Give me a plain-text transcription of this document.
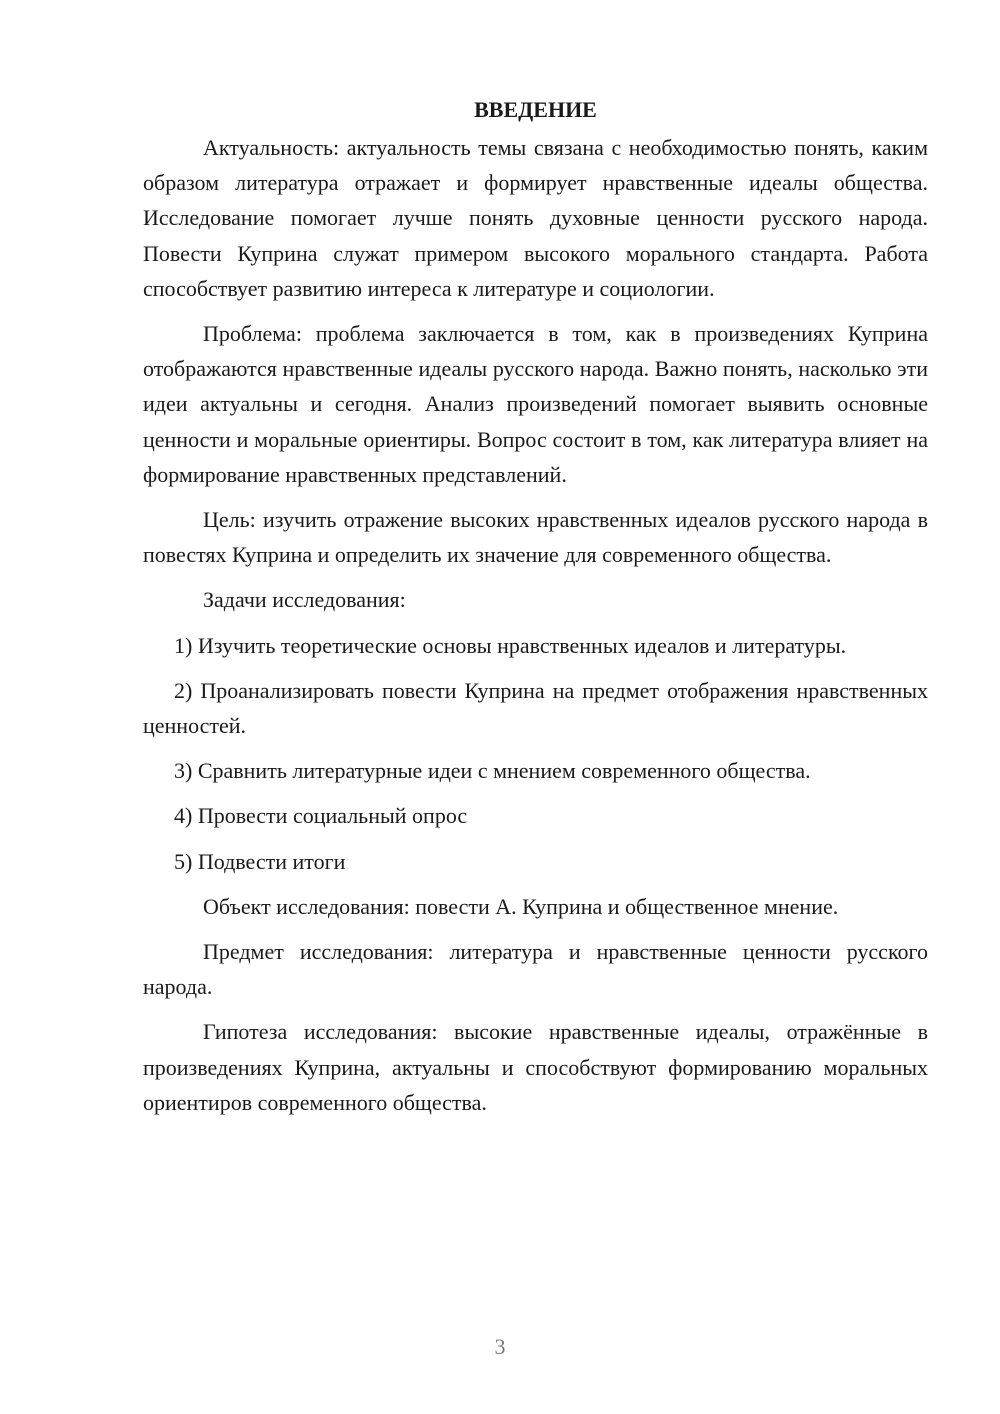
ВВЕДЕНИЕ

Актуальность: актуальность темы связана с необходимостью понять, каким образом литература отражает и формирует нравственные идеалы общества. Исследование помогает лучше понять духовные ценности русского народа. Повести Куприна служат примером высокого морального стандарта. Работа способствует развитию интереса к литературе и социологии.

Проблема: проблема заключается в том, как в произведениях Куприна отображаются нравственные идеалы русского народа. Важно понять, насколько эти идеи актуальны и сегодня. Анализ произведений помогает выявить основные ценности и моральные ориентиры. Вопрос состоит в том, как литература влияет на формирование нравственных представлений.

Цель: изучить отражение высоких нравственных идеалов русского народа в повестях Куприна и определить их значение для современного общества.

Задачи исследования:

1) Изучить теоретические основы нравственных идеалов и литературы.

2) Проанализировать повести Куприна на предмет отображения нравственных ценностей.

3) Сравнить литературные идеи с мнением современного общества.

4) Провести социальный опрос

5) Подвести итоги

Объект исследования: повести А. Куприна и общественное мнение.

Предмет исследования: литература и нравственные ценности русского народа.

Гипотеза исследования: высокие нравственные идеалы, отражённые в произведениях Куприна, актуальны и способствуют формированию моральных ориентиров современного общества.

3
